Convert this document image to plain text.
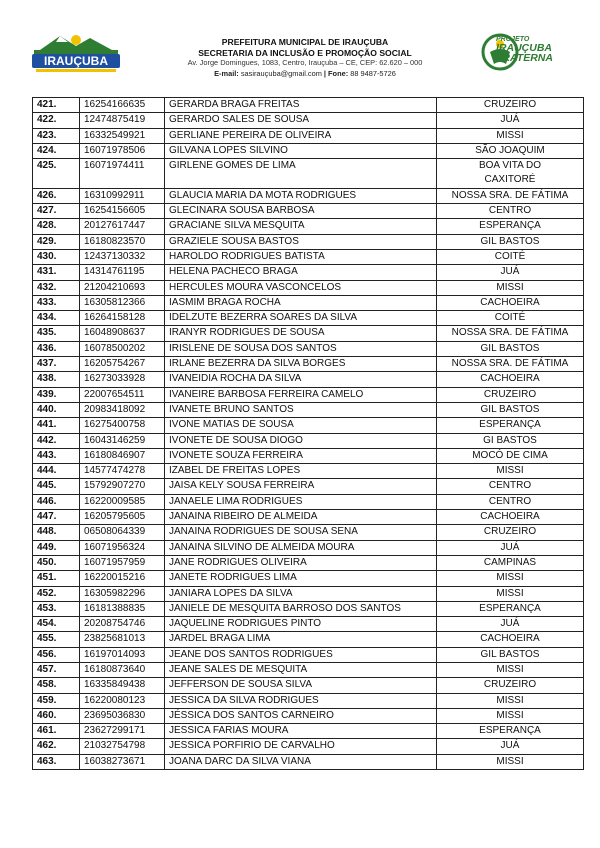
IRAUÇUBA
PREFEITURA MUNICIPAL DE IRAUÇUBA
SECRETARIA DA INCLUSÃO E PROMOÇÃO SOCIAL
Av. Jorge Domingues, 1083, Centro, Irauçuba – CE, CEP: 62.620 – 000
E-mail: sasirauçuba@gmail.com | Fone: 88 9487-5726
PROJETO
IRAUÇUBA
FRATERNA
421.	16254166635	GERARDA BRAGA FREITAS	CRUZEIRO
422.	12474875419	GERARDO SALES DE SOUSA	JUÁ
423.	16332549921	GERLIANE PEREIRA DE OLIVEIRA	MISSI
424.	16071978506	GILVANA LOPES SILVINO	SÃO JOAQUIM
425.	16071974411	GIRLENE GOMES DE LIMA	BOA VITA DO
CAXITORÉ

426.	16310992911	GLAUCIA MARIA DA MOTA RODRIGUES	NOSSA SRA. DE FÁTIMA
427.	16254156605	GLECINARA SOUSA BARBOSA	CENTRO
428.	20127617447	GRACIANE SILVA MESQUITA	ESPERANÇA
429.	16180823570	GRAZIELE SOUSA BASTOS	GIL BASTOS
430.	12437130332	HAROLDO RODRIGUES BATISTA	COITÉ
431.	14314761195	HELENA PACHECO BRAGA	JUÁ
432.	21204210693	HERCULES MOURA VASCONCELOS	MISSI
433.	16305812366	IASMIM BRAGA ROCHA	CACHOEIRA
434.	16264158128	IDELZUTE BEZERRA SOARES DA SILVA	COITÉ
435.	16048908637	IRANYR RODRIGUES DE SOUSA	NOSSA SRA. DE FÁTIMA
436.	16078500202	IRISLENE DE SOUSA DOS SANTOS	GIL BASTOS
437.	16205754267	IRLANE BEZERRA DA SILVA BORGES	NOSSA SRA. DE FÁTIMA
438.	16273033928	IVANEIDIA ROCHA DA SILVA	CACHOEIRA
439.	22007654511	IVANEIRE BARBOSA FERREIRA CAMELO	CRUZEIRO
440.	20983418092	IVANETE BRUNO SANTOS	GIL BASTOS
441.	16275400758	IVONE MATIAS DE SOUSA	ESPERANÇA
442.	16043146259	IVONETE DE SOUSA DIOGO	GI BASTOS
443.	16180846907	IVONETE SOUZA FERREIRA	MOCÓ DE CIMA
444.	14577474278	IZABEL DE FREITAS LOPES	MISSI
445.	15792907270	JAISA KELY SOUSA FERREIRA	CENTRO
446.	16220009585	JANAELE LIMA RODRIGUES	CENTRO
447.	16205795605	JANAINA RIBEIRO DE ALMEIDA	CACHOEIRA
448.	06508064339	JANAINA RODRIGUES DE SOUSA SENA	CRUZEIRO
449.	16071956324	JANAINA SILVINO DE ALMEIDA MOURA	JUÁ
450.	16071957959	JANE RODRIGUES OLIVEIRA	CAMPINAS
451.	16220015216	JANETE RODRIGUES LIMA	MISSI
452.	16305982296	JANIARA LOPES DA SILVA	MISSI
453.	16181388835	JANIELE DE MESQUITA BARROSO DOS SANTOS	ESPERANÇA
454.	20208754746	JAQUELINE RODRIGUES PINTO	JUÁ
455.	23825681013	JARDEL BRAGA LIMA	CACHOEIRA
456.	16197014093	JEANE DOS SANTOS RODRIGUES	GIL BASTOS
457.	16180873640	JEANE SALES DE MESQUITA	MISSI
458.	16335849438	JEFFERSON DE SOUSA SILVA	CRUZEIRO
459.	16220080123	JESSICA DA SILVA RODRIGUES	MISSI
460.	23695036830	JÉSSICA DOS SANTOS CARNEIRO	MISSI
461.	23627299171	JESSICA FARIAS MOURA	ESPERANÇA
462.	21032754798	JESSICA PORFIRIO DE CARVALHO	JUÁ
463.	16038273671	JOANA DARC DA SILVA VIANA	MISSI
